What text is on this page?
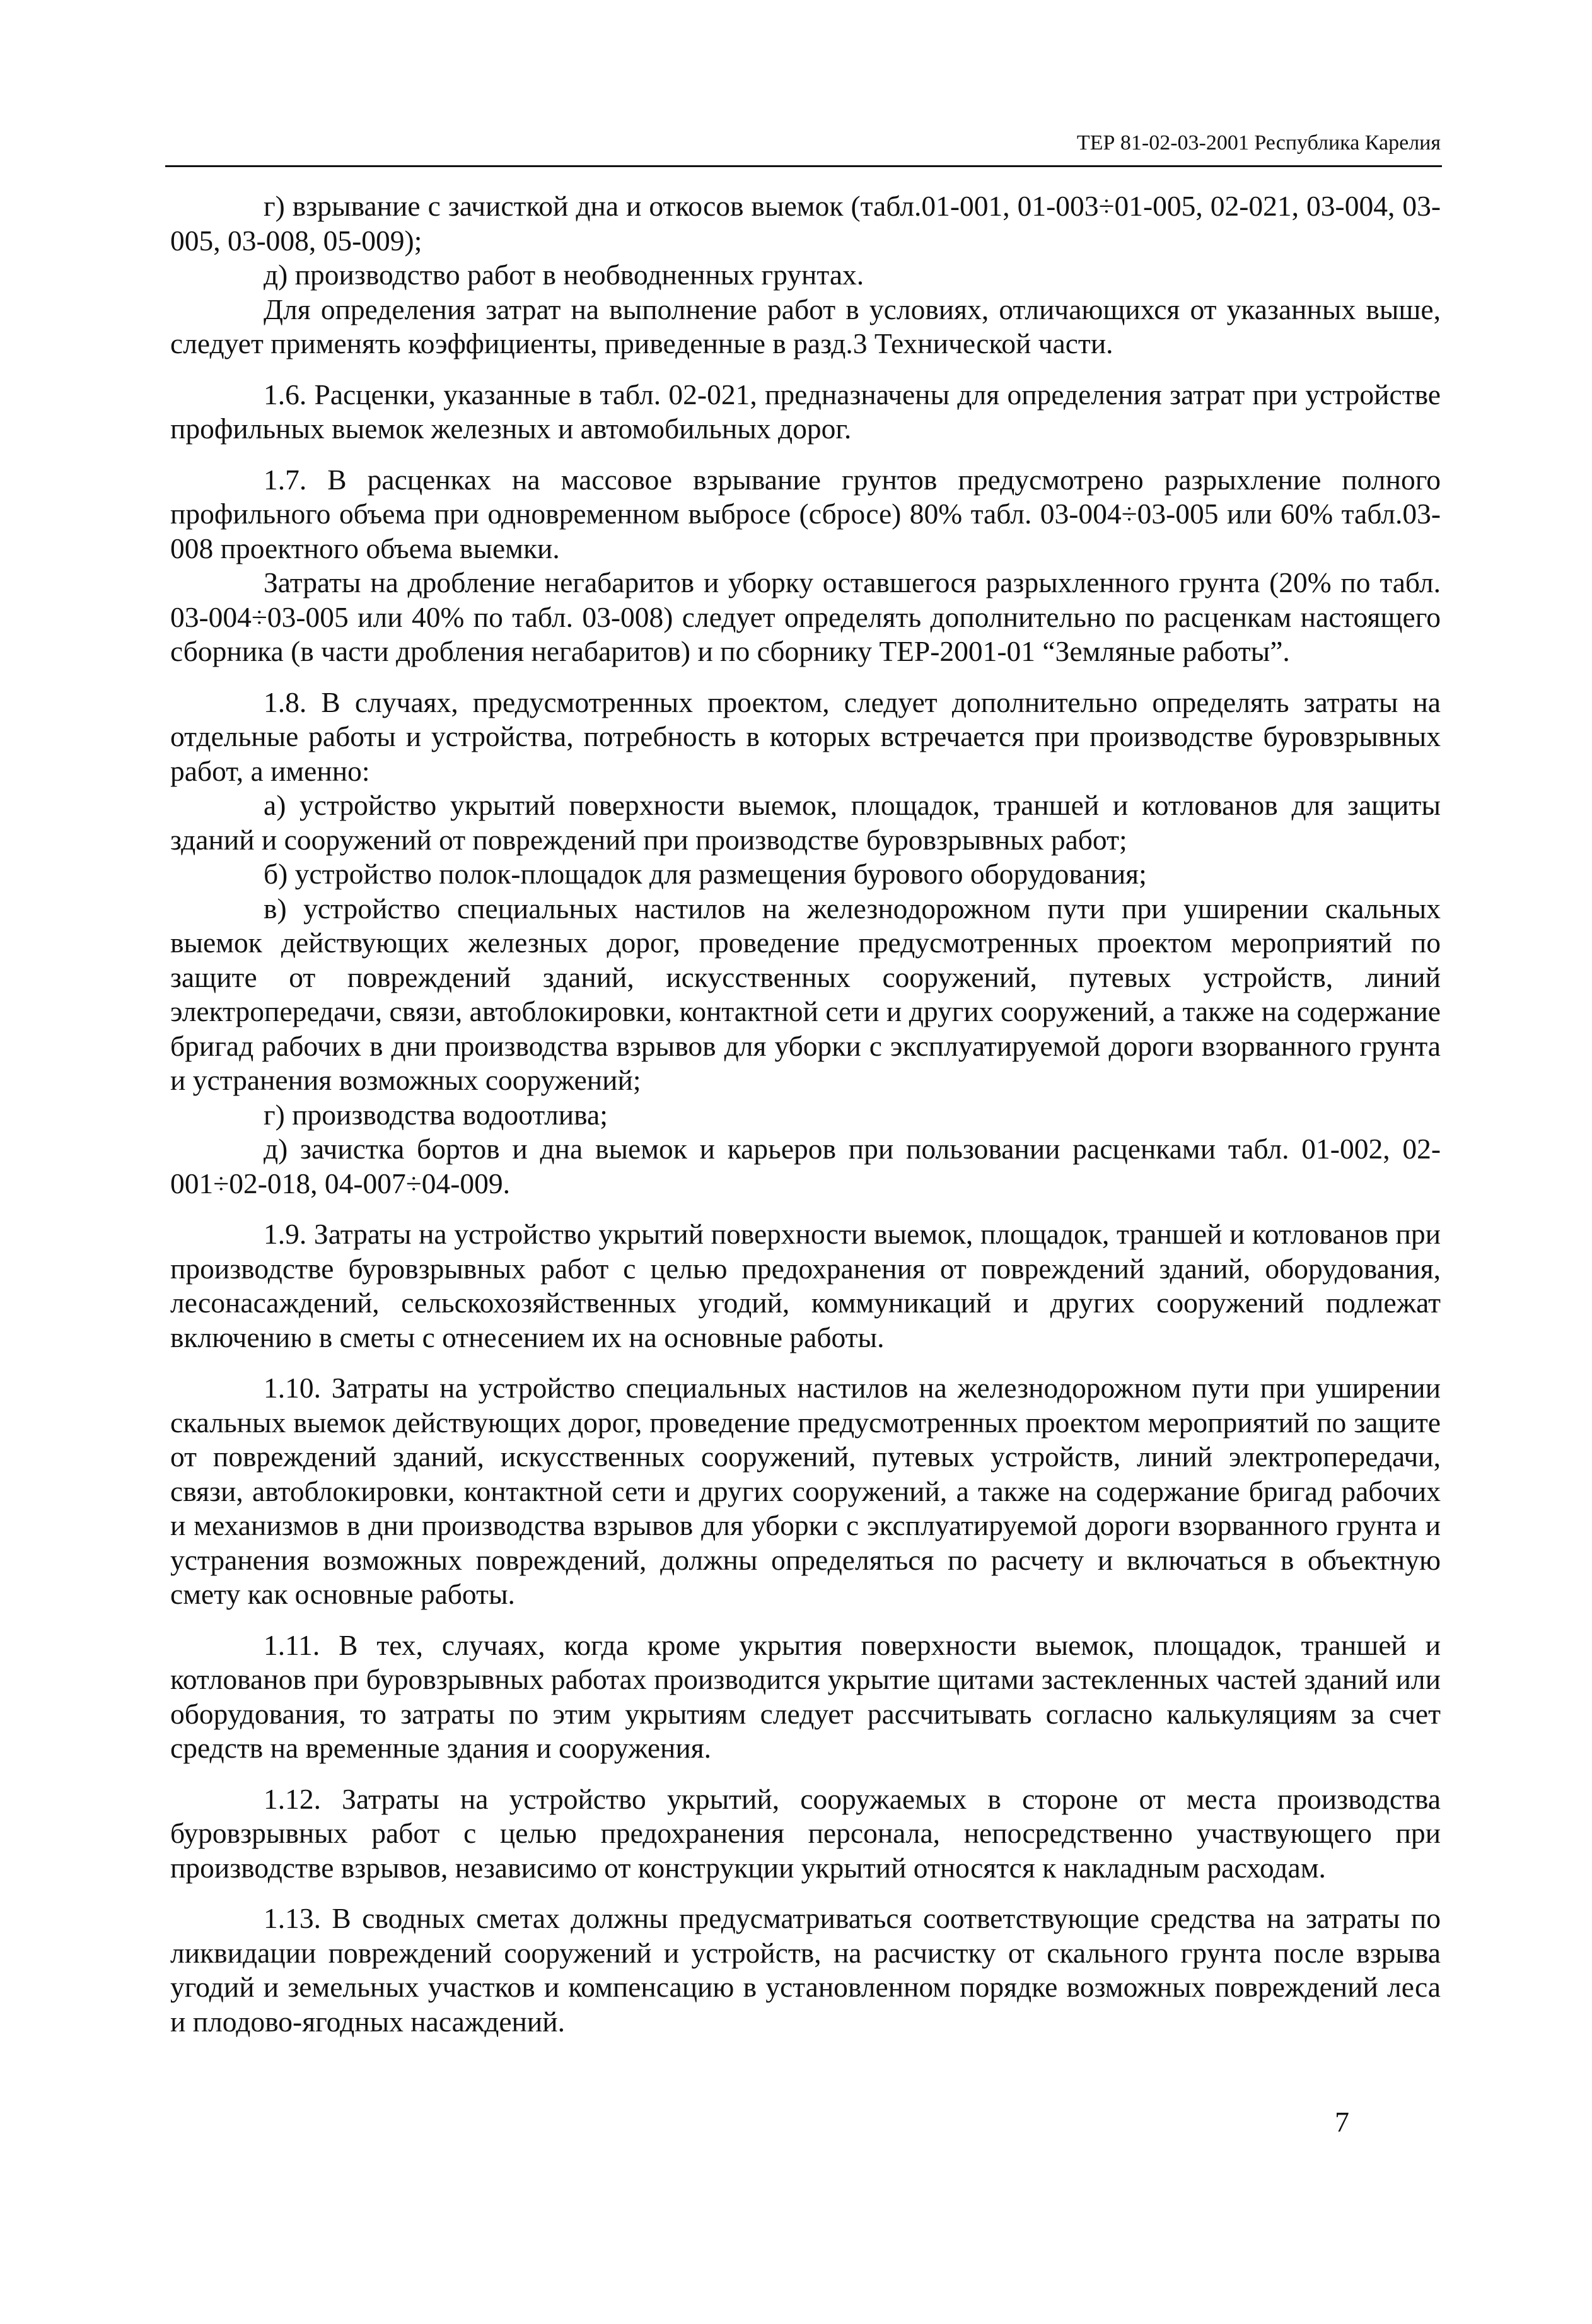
ТЕР 81-02-03-2001 Республика Карелия

г) взрывание с зачисткой дна и откосов выемок (табл.01-001, 01-003÷01-005, 02-021, 03-004, 03-005, 03-008, 05-009);

д) производство работ в необводненных грунтах.

Для определения затрат на выполнение работ в условиях, отличающихся от указанных выше, следует применять коэффициенты, приведенные в разд.3 Технической части.

1.6. Расценки, указанные в табл. 02-021, предназначены для определения затрат при устройстве профильных выемок железных и автомобильных дорог.

1.7. В расценках на массовое взрывание грунтов предусмотрено разрыхление полного профильного объема при одновременном выбросе (сбросе) 80% табл. 03-004÷03-005 или 60% табл.03-008 проектного объема выемки.

Затраты на дробление негабаритов и уборку оставшегося разрыхленного грунта (20% по табл. 03-004÷03-005 или 40% по табл. 03-008) следует определять дополнительно по расценкам настоящего сборника (в части дробления негабаритов) и по сборнику ТЕР-2001-01 “Земляные работы”.

1.8. В случаях, предусмотренных проектом, следует дополнительно определять затраты на отдельные работы и устройства, потребность в которых встречается при производстве буровзрывных работ, а именно:

а) устройство укрытий поверхности выемок, площадок, траншей и котлованов для защиты зданий и сооружений от повреждений при производстве буровзрывных работ;

б) устройство полок-площадок для размещения бурового оборудования;

в) устройство специальных настилов на железнодорожном пути при уширении скальных выемок действующих железных дорог, проведение предусмотренных проектом мероприятий по защите от повреждений зданий, искусственных сооружений, путевых устройств, линий электропередачи, связи, автоблокировки, контактной сети и других сооружений, а также на содержание бригад рабочих в дни производства взрывов для уборки с эксплуатируемой дороги взорванного грунта и устранения возможных сооружений;

г) производства водоотлива;

д) зачистка бортов и дна выемок и карьеров при пользовании расценками табл. 01-002, 02-001÷02-018, 04-007÷04-009.

1.9. Затраты на устройство укрытий поверхности выемок, площадок, траншей и котлованов при производстве буровзрывных работ с целью предохранения от повреждений зданий, оборудования, лесонасаждений, сельскохозяйственных угодий, коммуникаций и других сооружений подлежат включению в сметы с отнесением их на основные работы.

1.10. Затраты на устройство специальных настилов на железнодорожном пути при уширении скальных выемок действующих дорог, проведение предусмотренных проектом мероприятий по защите от повреждений зданий, искусственных сооружений, путевых устройств, линий электропередачи, связи, автоблокировки, контактной сети и других сооружений, а также на содержание бригад рабочих и механизмов в дни производства взрывов для уборки с эксплуатируемой дороги взорванного грунта и устранения возможных повреждений, должны определяться по расчету и включаться в объектную смету как основные работы.

1.11. В тех, случаях, когда кроме укрытия поверхности выемок, площадок, траншей и котлованов при буровзрывных работах производится укрытие щитами застекленных частей зданий или оборудования, то затраты по этим укрытиям следует рассчитывать согласно калькуляциям за счет средств на временные здания и сооружения.

1.12. Затраты на устройство укрытий, сооружаемых в стороне от места производства буровзрывных работ с целью предохранения персонала, непосредственно участвующего при производстве взрывов, независимо от конструкции укрытий относятся к накладным расходам.

1.13. В сводных сметах должны предусматриваться соответствующие средства на затраты по ликвидации повреждений сооружений и устройств, на расчистку от скального грунта после взрыва угодий и земельных участков и компенсацию в установленном порядке возможных повреждений леса и плодово-ягодных насаждений.

7
